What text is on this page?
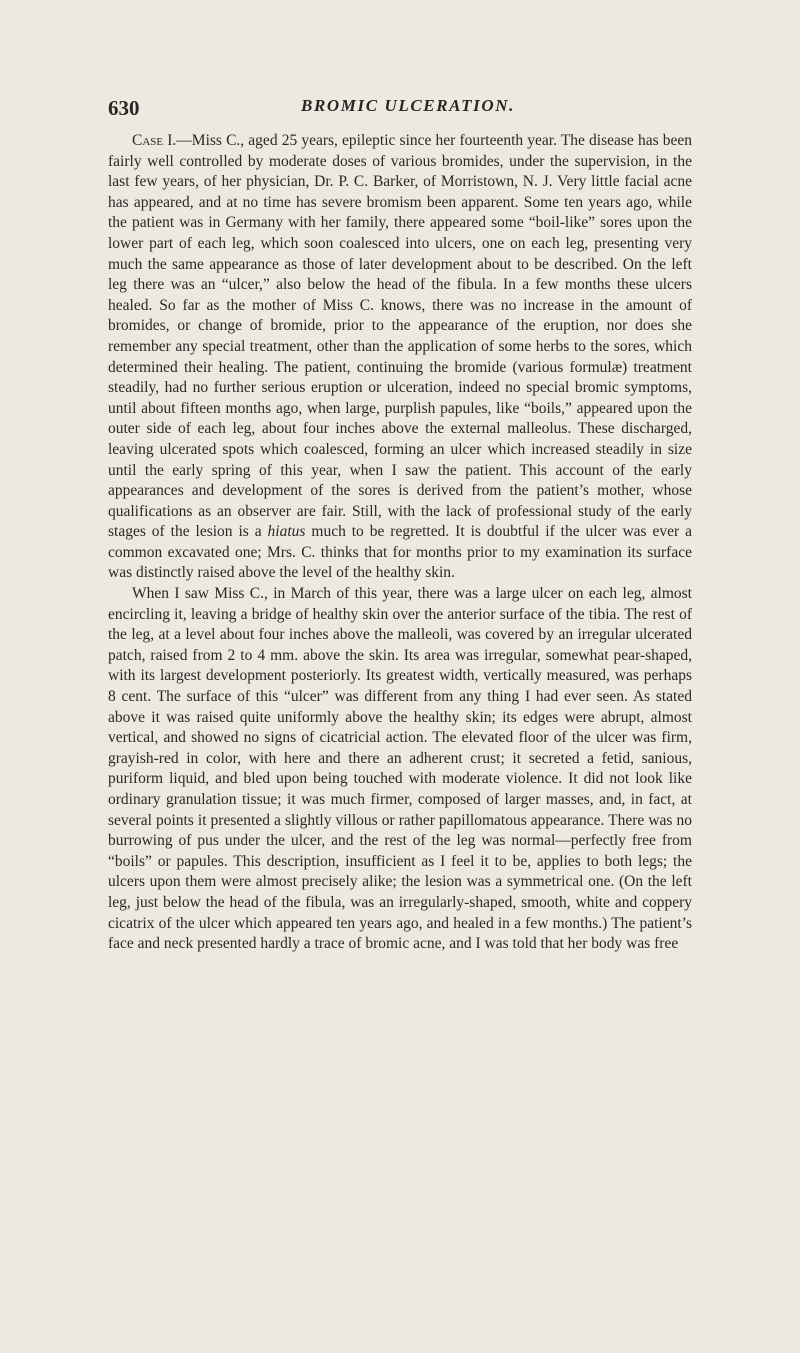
630	BROMIC ULCERATION.

Case I.—Miss C., aged 25 years, epileptic since her fourteenth year. The disease has been fairly well controlled by moderate doses of various bromides, under the supervision, in the last few years, of her physician, Dr. P. C. Barker, of Morristown, N. J. Very little facial acne has appeared, and at no time has severe bromism been apparent. Some ten years ago, while the patient was in Germany with her family, there appeared some “boil-like” sores upon the lower part of each leg, which soon coalesced into ulcers, one on each leg, presenting very much the same appearance as those of later development about to be described. On the left leg there was an “ulcer,” also below the head of the fibula. In a few months these ulcers healed. So far as the mother of Miss C. knows, there was no increase in the amount of bromides, or change of bromide, prior to the appearance of the eruption, nor does she remember any special treatment, other than the application of some herbs to the sores, which determined their healing. The patient, continuing the bromide (various formulæ) treatment steadily, had no further serious eruption or ulceration, indeed no special bromic symptoms, until about fifteen months ago, when large, purplish papules, like “boils,” appeared upon the outer side of each leg, about four inches above the external malleolus. These discharged, leaving ulcerated spots which coalesced, forming an ulcer which increased steadily in size until the early spring of this year, when I saw the patient. This account of the early appearances and development of the sores is derived from the patient’s mother, whose qualifications as an observer are fair. Still, with the lack of professional study of the early stages of the lesion is a hiatus much to be regretted. It is doubtful if the ulcer was ever a common excavated one; Mrs. C. thinks that for months prior to my examination its surface was distinctly raised above the level of the healthy skin.

When I saw Miss C., in March of this year, there was a large ulcer on each leg, almost encircling it, leaving a bridge of healthy skin over the anterior surface of the tibia. The rest of the leg, at a level about four inches above the malleoli, was covered by an irregular ulcerated patch, raised from 2 to 4 mm. above the skin. Its area was irregular, somewhat pear-shaped, with its largest development posteriorly. Its greatest width, vertically measured, was perhaps 8 cent. The surface of this “ulcer” was different from any thing I had ever seen. As stated above it was raised quite uniformly above the healthy skin; its edges were abrupt, almost vertical, and showed no signs of cicatricial action. The elevated floor of the ulcer was firm, grayish-red in color, with here and there an adherent crust; it secreted a fetid, sanious, puriform liquid, and bled upon being touched with moderate violence. It did not look like ordinary granulation tissue; it was much firmer, composed of larger masses, and, in fact, at several points it presented a slightly villous or rather papillomatous appearance. There was no burrowing of pus under the ulcer, and the rest of the leg was normal—perfectly free from “boils” or papules. This description, insufficient as I feel it to be, applies to both legs; the ulcers upon them were almost precisely alike; the lesion was a symmetrical one. (On the left leg, just below the head of the fibula, was an irregularly-shaped, smooth, white and coppery cicatrix of the ulcer which appeared ten years ago, and healed in a few months.) The patient’s face and neck presented hardly a trace of bromic acne, and I was told that her body was free
